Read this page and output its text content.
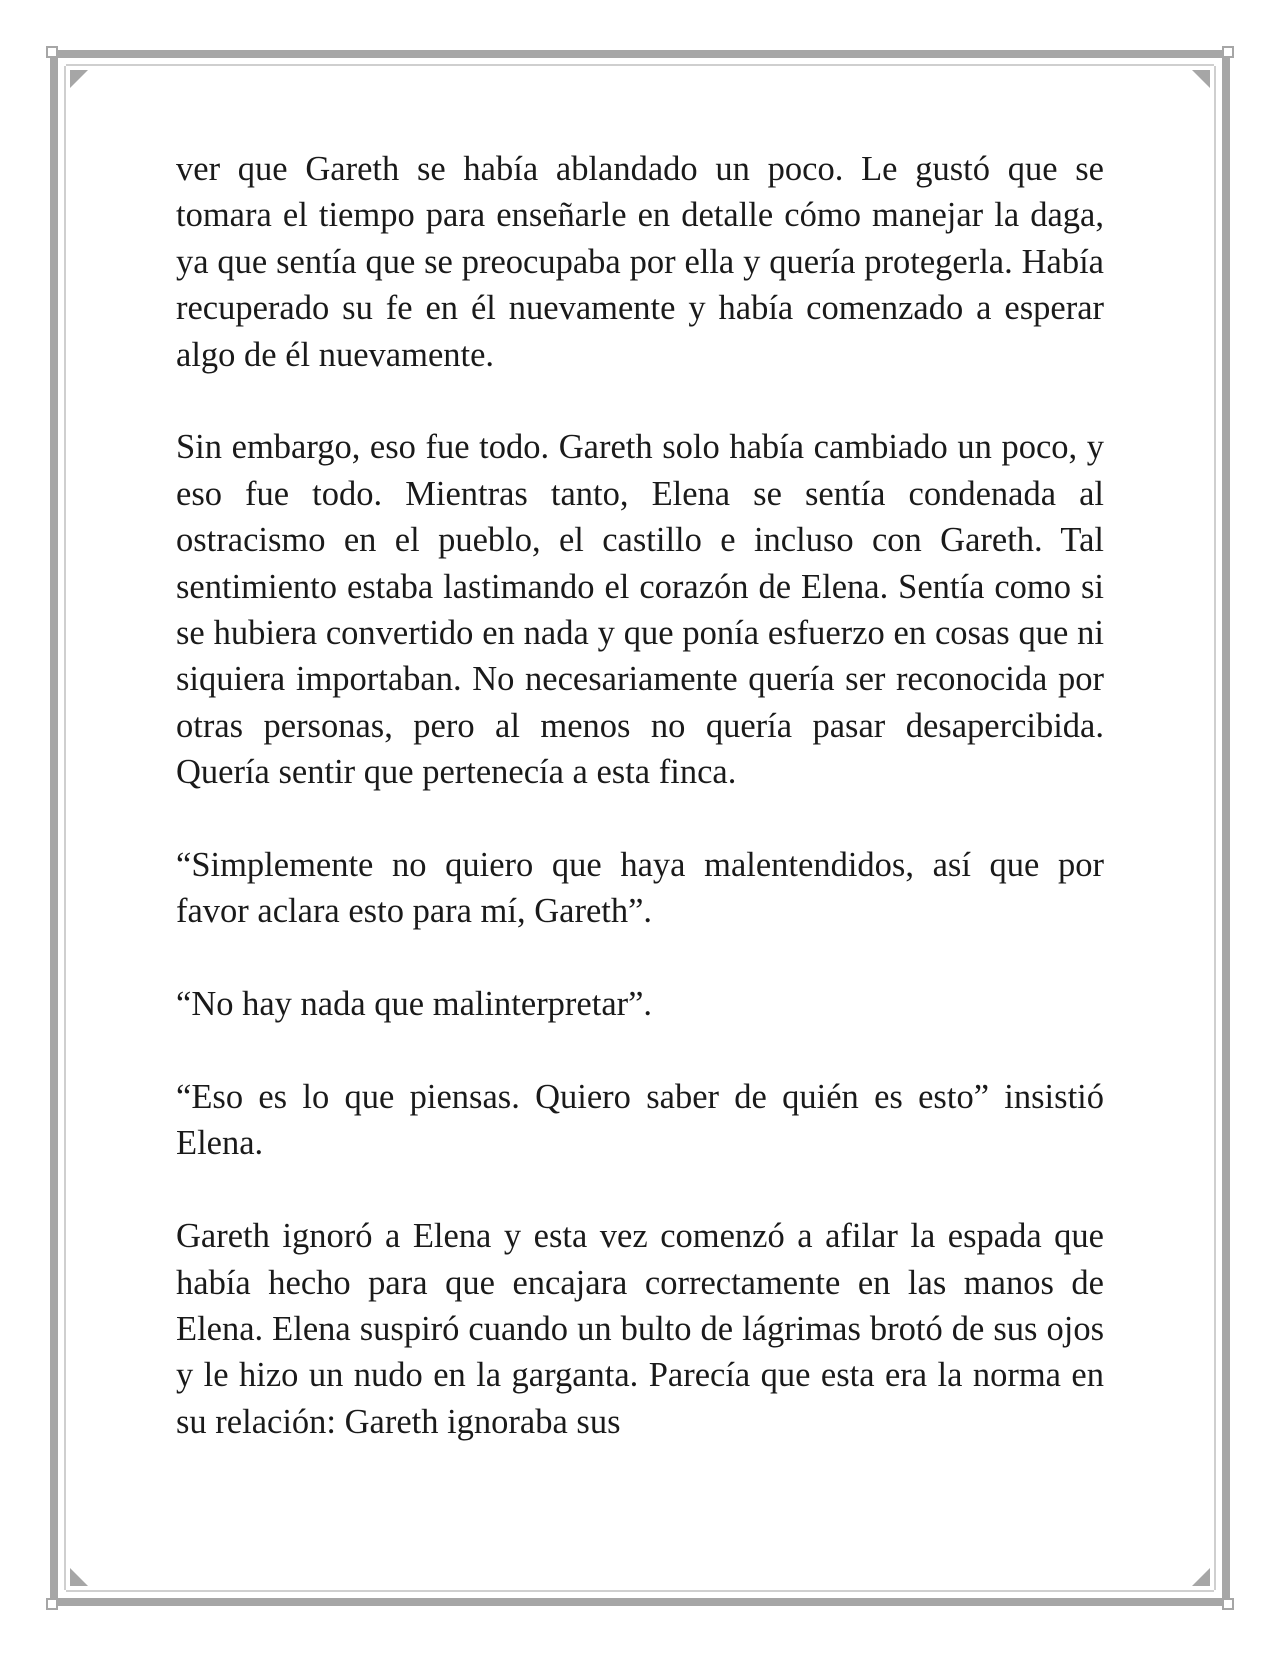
ver que Gareth se había ablandado un poco. Le gustó que se tomara el tiempo para enseñarle en detalle cómo manejar la daga, ya que sentía que se preocupaba por ella y quería protegerla. Había recuperado su fe en él nuevamente y había comenzado a esperar algo de él nuevamente.

Sin embargo, eso fue todo. Gareth solo había cambiado un poco, y eso fue todo. Mientras tanto, Elena se sentía condenada al ostracismo en el pueblo, el castillo e incluso con Gareth. Tal sentimiento estaba lastimando el corazón de Elena. Sentía como si se hubiera convertido en nada y que ponía esfuerzo en cosas que ni siquiera importaban. No necesariamente quería ser reconocida por otras personas, pero al menos no quería pasar desapercibida. Quería sentir que pertenecía a esta finca.

“Simplemente no quiero que haya malentendidos, así que por favor aclara esto para mí, Gareth”.

“No hay nada que malinterpretar”.

“Eso es lo que piensas. Quiero saber de quién es esto” insistió Elena.

Gareth ignoró a Elena y esta vez comenzó a afilar la espada que había hecho para que encajara correctamente en las manos de Elena. Elena suspiró cuando un bulto de lágrimas brotó de sus ojos y le hizo un nudo en la garganta. Parecía que esta era la norma en su relación: Gareth ignoraba sus
